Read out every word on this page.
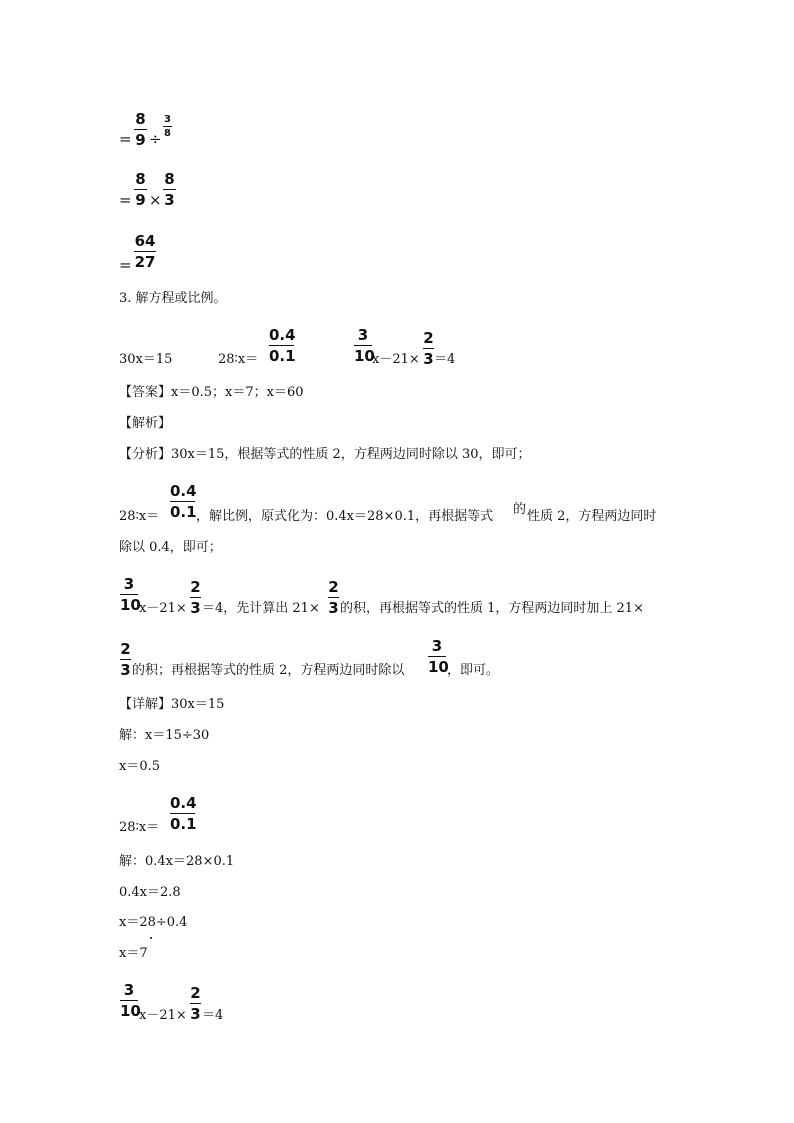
=
8
9 ÷
3
8
=
8
9 ×
8
3
=
64
27
3. 解方程或比例。
30x＝15	28∶x＝
0.4
0.1
3
10
x－21×
2
3 ＝4
【答案】x＝0.5；x＝7；x＝60
【解析】
【分析】30x＝15，根据等式的性质 2，方程两边同时除以 30，即可；
28∶x＝
0.4
0.1 ，解比例，原式化为：0.4x＝28×0.1，再根据等式 的 性质 2，方程两边同时
除以 0.4，即可；
3
10
x－21×
2
3 ＝4，先计算出 21×
2
3 的积，再根据等式的性质 1，方程两边同时加上 21×
2
3 的积；再根据等式的性质 2，方程两边同时除以
3
10
，即可。
【详解】30x＝15
解：x＝15÷30
x＝0.5
28∶x＝
0.4
0.1
解：0.4x＝28×0.1
0.4x＝2.8
x＝28÷0.4
x＝7
3
10
x－21×
2
3 ＝4
